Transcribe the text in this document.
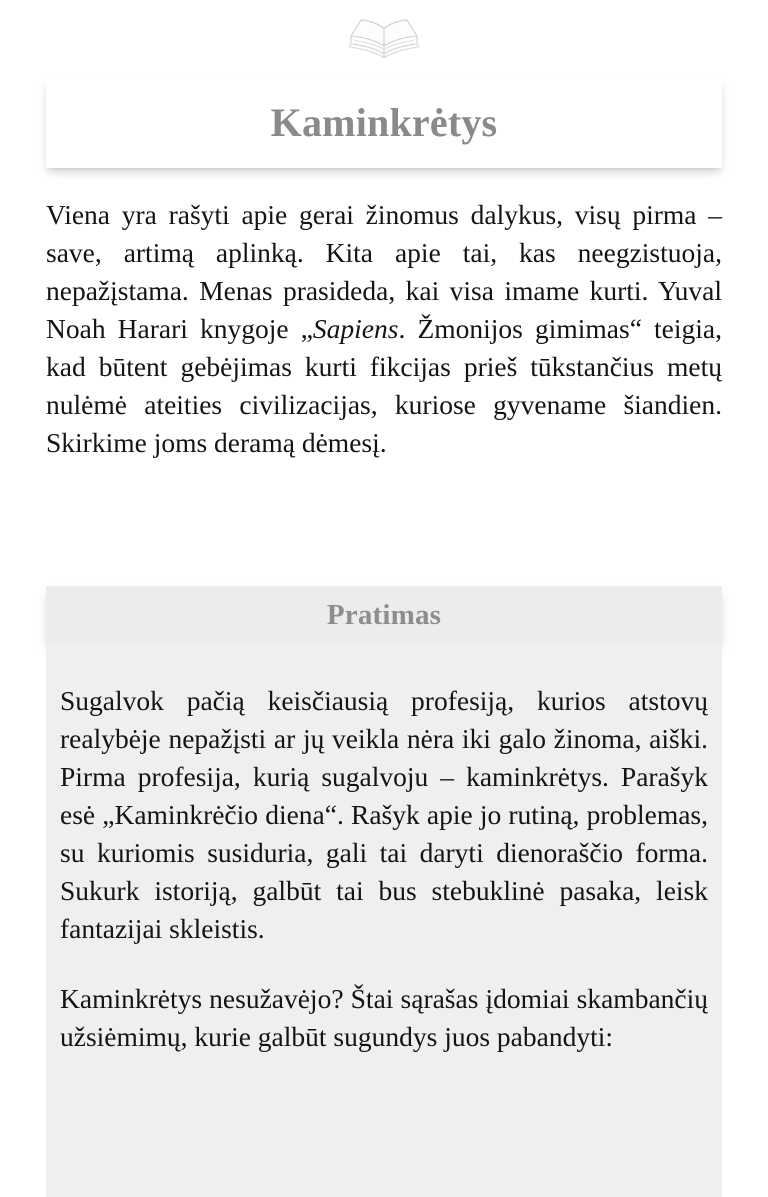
Kaminkrėtys

Viena yra rašyti apie gerai žinomus dalykus, visų pirma – save, artimą aplinką. Kita apie tai, kas neegzistuoja, nepažįstama. Menas prasideda, kai visa imame kurti. Yuval Noah Harari knygoje „Sapiens. Žmonijos gimimas“ teigia, kad būtent gebėjimas kurti fikcijas prieš tūkstančius metų nulėmė ateities civilizacijas, kuriose gyvename šiandien. Skirkime joms deramą dėmesį.

Pratimas

Sugalvok pačią keisčiausią profesiją, kurios atstovų realybėje nepažįsti ar jų veikla nėra iki galo žinoma, aiški. Pirma profesija, kurią sugalvoju – kaminkrėtys. Parašyk esė „Kaminkrėčio diena“. Rašyk apie jo rutiną, problemas, su kuriomis susiduria, gali tai daryti dienoraščio forma. Sukurk istoriją, galbūt tai bus stebuklinė pasaka, leisk fantazijai skleistis.

Kaminkrėtys nesužavėjo? Štai sąrašas įdomiai skambančių užsiėmimų, kurie galbūt sugundys juos pabandyti:
